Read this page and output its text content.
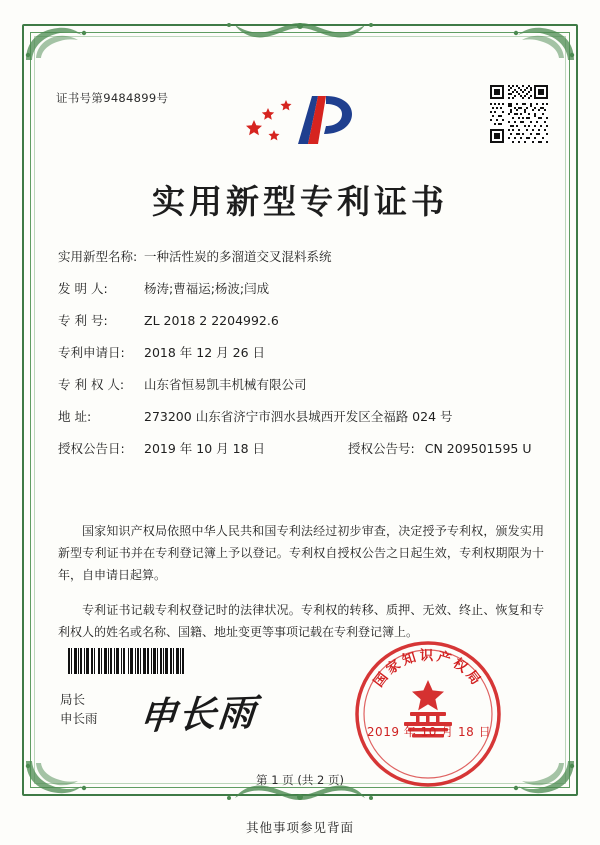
证书号第9484899号
实用新型专利证书
实用新型名称: 一种活性炭的多溜道交叉混料系统
发 明 人:	杨涛;曹福运;杨波;闫成
专 利 号:	ZL 2018 2 2204992.6
专利申请日:	2018 年 12 月 26 日
专 利 权 人:	山东省恒易凯丰机械有限公司
地 址:	273200 山东省济宁市泗水县城西开发区全福路 024 号
授权公告日:	2019 年 10 月 18 日	授权公告号: CN 209501595 U

国家知识产权局依照中华人民共和国专利法经过初步审查，决定授予专利权，颁发实用新型专利证书并在专利登记簿上予以登记。专利权自授权公告之日起生效，专利权期限为十年，自申请日起算。

专利证书记载专利权登记时的法律状况。专利权的转移、质押、无效、终止、恢复和专利权人的姓名或名称、国籍、地址变更等事项记载在专利登记簿上。

局长
申长雨 申长雨
国家知识产权局
2019 年 10 月 18 日
第 1 页 (共 2 页)
其他事项参见背面
